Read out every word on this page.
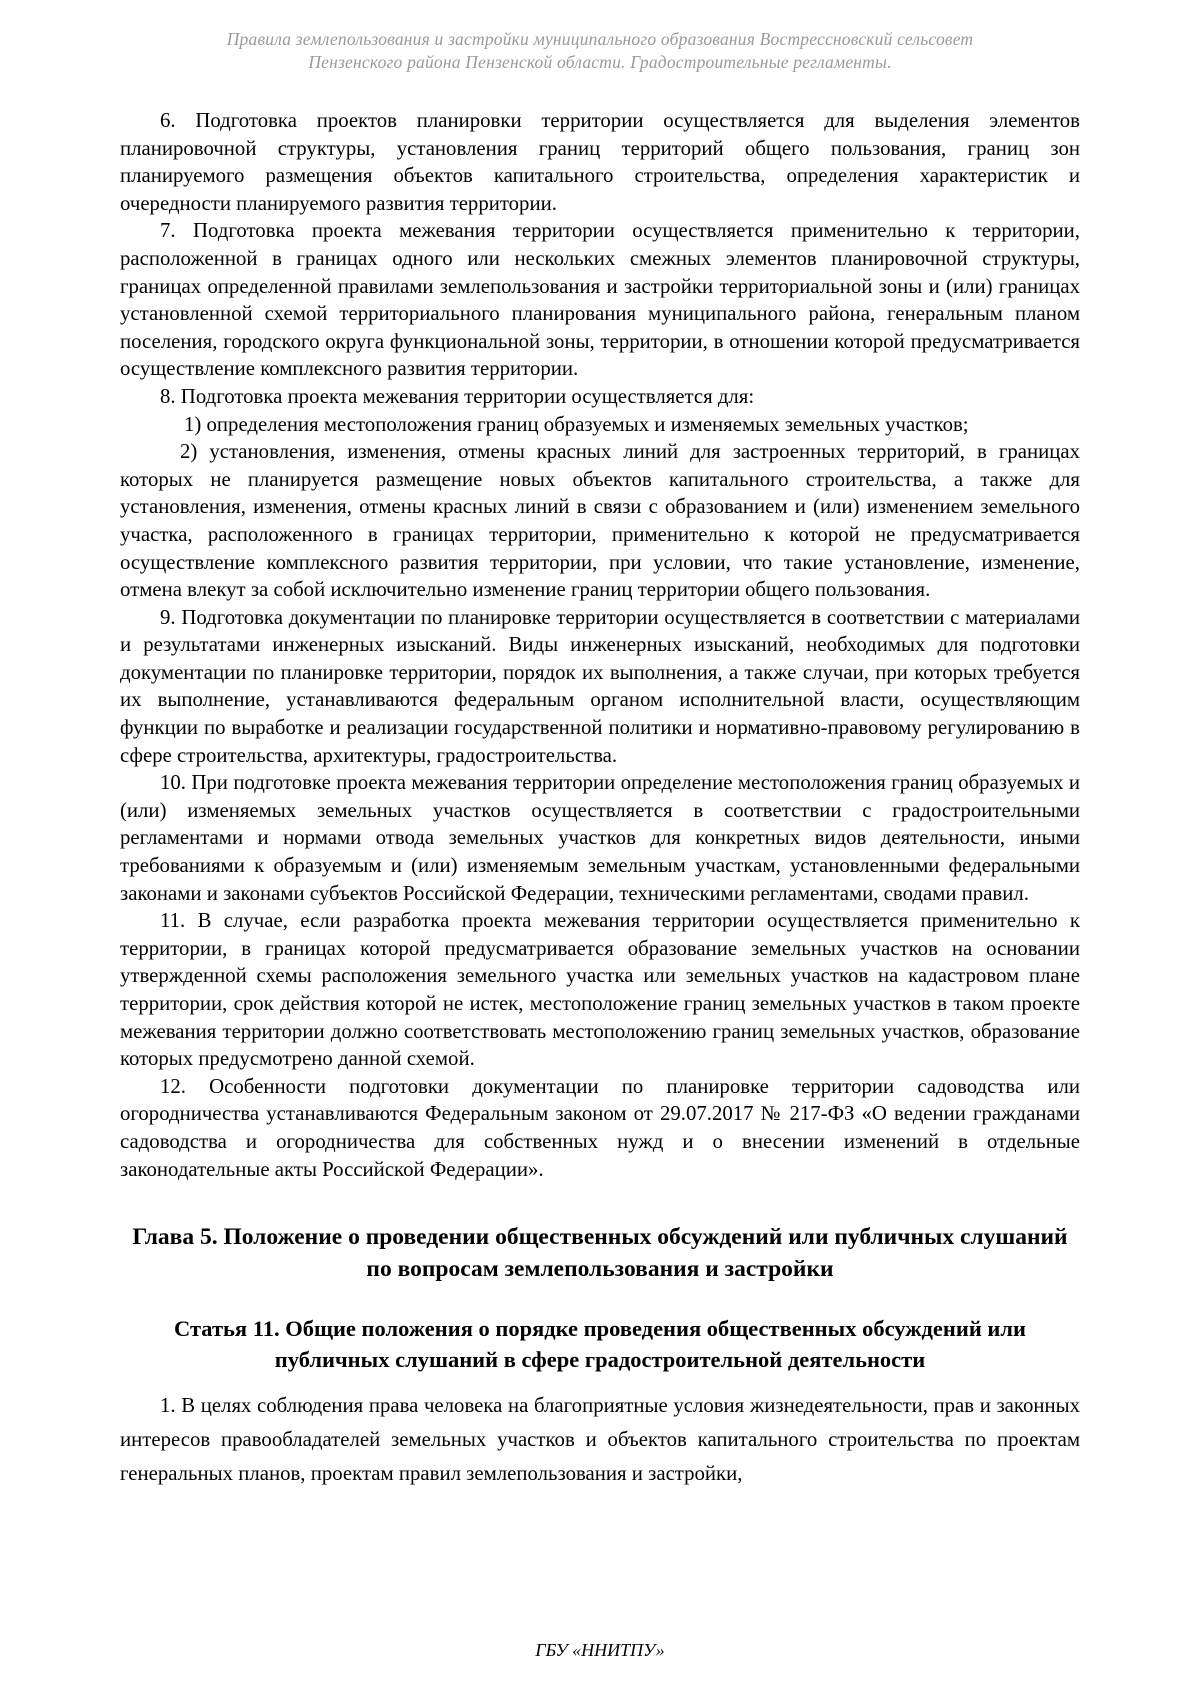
Правила землепользования и застройки муниципального образования Вострессновский сельсовет
Пензенского района Пензенской области. Градостроительные регламенты.

6. Подготовка проектов планировки территории осуществляется для выделения элементов планировочной структуры, установления границ территорий общего пользования, границ зон планируемого размещения объектов капитального строительства, определения характеристик и очередности планируемого развития территории.

7. Подготовка проекта межевания территории осуществляется применительно к территории, расположенной в границах одного или нескольких смежных элементов планировочной структуры, границах определенной правилами землепользования и застройки территориальной зоны и (или) границах установленной схемой территориального планирования муниципального района, генеральным планом поселения, городского округа функциональной зоны, территории, в отношении которой предусматривается осуществление комплексного развития территории.

8. Подготовка проекта межевания территории осуществляется для:

1) определения местоположения границ образуемых и изменяемых земельных участков;

2) установления, изменения, отмены красных линий для застроенных территорий, в границах которых не планируется размещение новых объектов капитального строительства, а также для установления, изменения, отмены красных линий в связи с образованием и (или) изменением земельного участка, расположенного в границах территории, применительно к которой не предусматривается осуществление комплексного развития территории, при условии, что такие установление, изменение, отмена влекут за собой исключительно изменение границ территории общего пользования.

9. Подготовка документации по планировке территории осуществляется в соответствии с материалами и результатами инженерных изысканий. Виды инженерных изысканий, необходимых для подготовки документации по планировке территории, порядок их выполнения, а также случаи, при которых требуется их выполнение, устанавливаются федеральным органом исполнительной власти, осуществляющим функции по выработке и реализации государственной политики и нормативно-правовому регулированию в сфере строительства, архитектуры, градостроительства.

10. При подготовке проекта межевания территории определение местоположения границ образуемых и (или) изменяемых земельных участков осуществляется в соответствии с градостроительными регламентами и нормами отвода земельных участков для конкретных видов деятельности, иными требованиями к образуемым и (или) изменяемым земельным участкам, установленными федеральными законами и законами субъектов Российской Федерации, техническими регламентами, сводами правил.

11. В случае, если разработка проекта межевания территории осуществляется применительно к территории, в границах которой предусматривается образование земельных участков на основании утвержденной схемы расположения земельного участка или земельных участков на кадастровом плане территории, срок действия которой не истек, местоположение границ земельных участков в таком проекте межевания территории должно соответствовать местоположению границ земельных участков, образование которых предусмотрено данной схемой.

12. Особенности подготовки документации по планировке территории садоводства или огородничества устанавливаются Федеральным законом от 29.07.2017 № 217-ФЗ «О ведении гражданами садоводства и огородничества для собственных нужд и о внесении изменений в отдельные законодательные акты Российской Федерации».

Глава 5. Положение о проведении общественных обсуждений или публичных слушаний по вопросам землепользования и застройки
Статья 11. Общие положения о порядке проведения общественных обсуждений или публичных слушаний в сфере градостроительной деятельности

1. В целях соблюдения права человека на благоприятные условия жизнедеятельности, прав и законных интересов правообладателей земельных участков и объектов капитального строительства по проектам генеральных планов, проектам правил землепользования и застройки,

ГБУ «ННИТПУ»
